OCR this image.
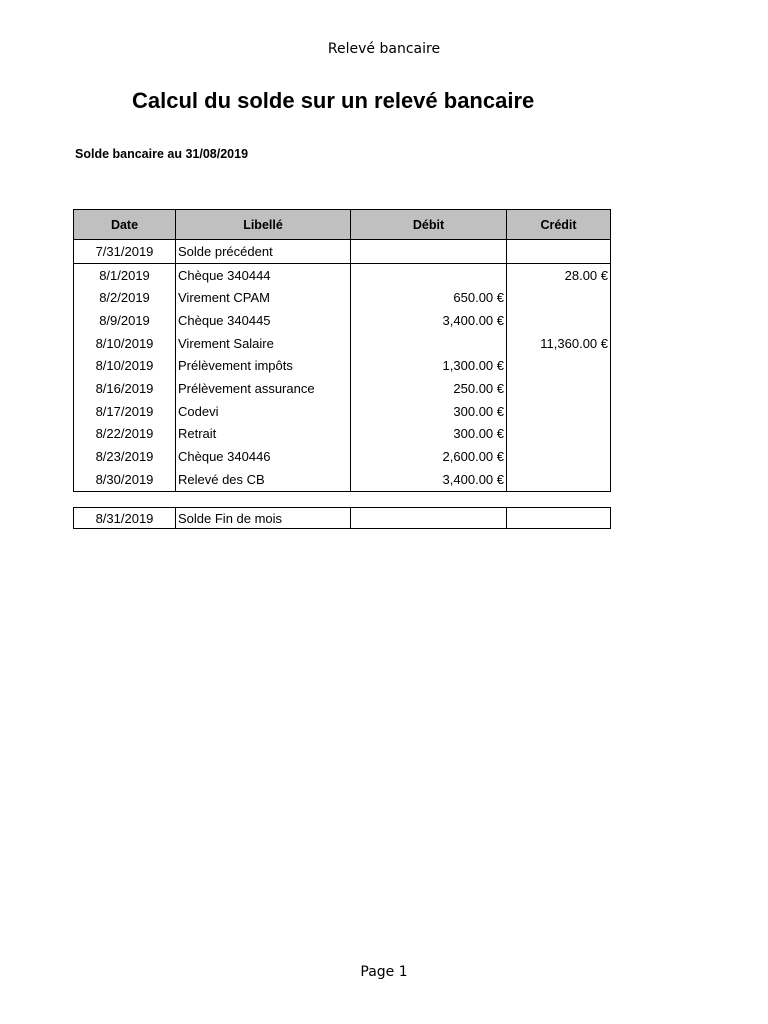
Relevé bancaire
Calcul du solde sur un relevé bancaire
Solde bancaire au 31/08/2019
Date	Libellé	Débit	Crédit
7/31/2019	Solde précédent		
8/1/2019	Chèque 340444		28.00 €
8/2/2019	Virement CPAM	650.00 €	
8/9/2019	Chèque 340445	3,400.00 €	
8/10/2019	Virement Salaire		11,360.00 €
8/10/2019	Prélèvement impôts	1,300.00 €	
8/16/2019	Prélèvement assurance	250.00 €	
8/17/2019	Codevi	300.00 €	
8/22/2019	Retrait	300.00 €	
8/23/2019	Chèque 340446	2,600.00 €	
8/30/2019	Relevé des CB	3,400.00 €	
8/31/2019	Solde Fin de mois		
Page 1
